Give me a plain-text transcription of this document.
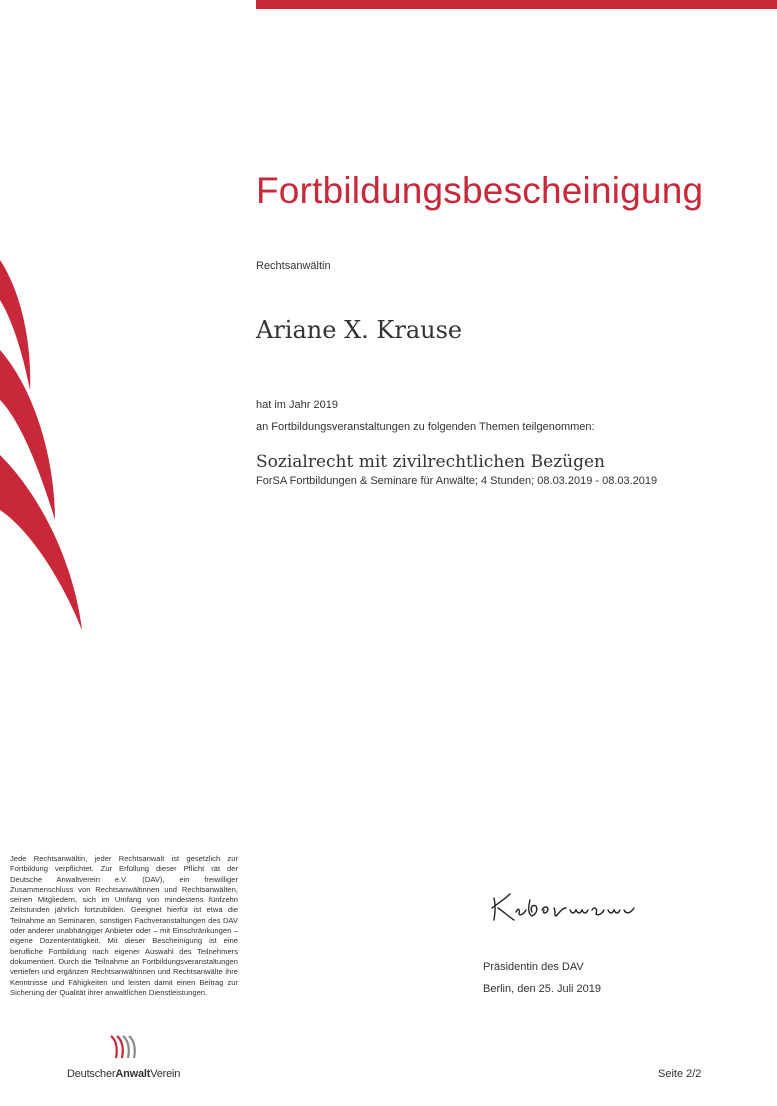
Fortbildungsbescheinigung
Rechtsanwältin
Ariane X. Krause
hat im Jahr 2019
an Fortbildungsveranstaltungen zu folgenden Themen teilgenommen:
Sozialrecht mit zivilrechtlichen Bezügen
ForSA Fortbildungen & Seminare für Anwälte; 4 Stunden; 08.03.2019 - 08.03.2019

Jede Rechtsanwältin, jeder Rechtsanwalt ist gesetzlich zur Fortbildung verpflichtet. Zur Erfüllung dieser Pflicht rät der Deutsche Anwaltverein e.V. (DAV), ein freiwilliger Zusammenschluss von Rechtsanwältinnen und Rechtsanwälten, seinen Mitgliedern, sich im Umfang von mindestens fünfzehn Zeitstunden jährlich fortzubilden. Geeignet hierfür ist etwa die Teilnahme an Seminaren, sonstigen Fachveranstaltungen des DAV oder anderer unabhängiger Anbieter oder – mit Einschränkungen – eigene Dozententätigkeit. Mit dieser Bescheinigung ist eine berufliche Fortbildung nach eigener Auswahl des Teilnehmers dokumentiert. Durch die Teilnahme an Fortbildungsveranstaltungen vertiefen und ergänzen Rechtsanwältinnen und Rechtsanwälte ihre Kenntnisse und Fähigkeiten und leisten damit einen Beitrag zur Sicherung der Qualität ihrer anwaltlichen Dienstleistungen.

Präsidentin des DAV
Berlin, den 25. Juli 2019
DeutscherAnwaltVerein	Seite 2/2
